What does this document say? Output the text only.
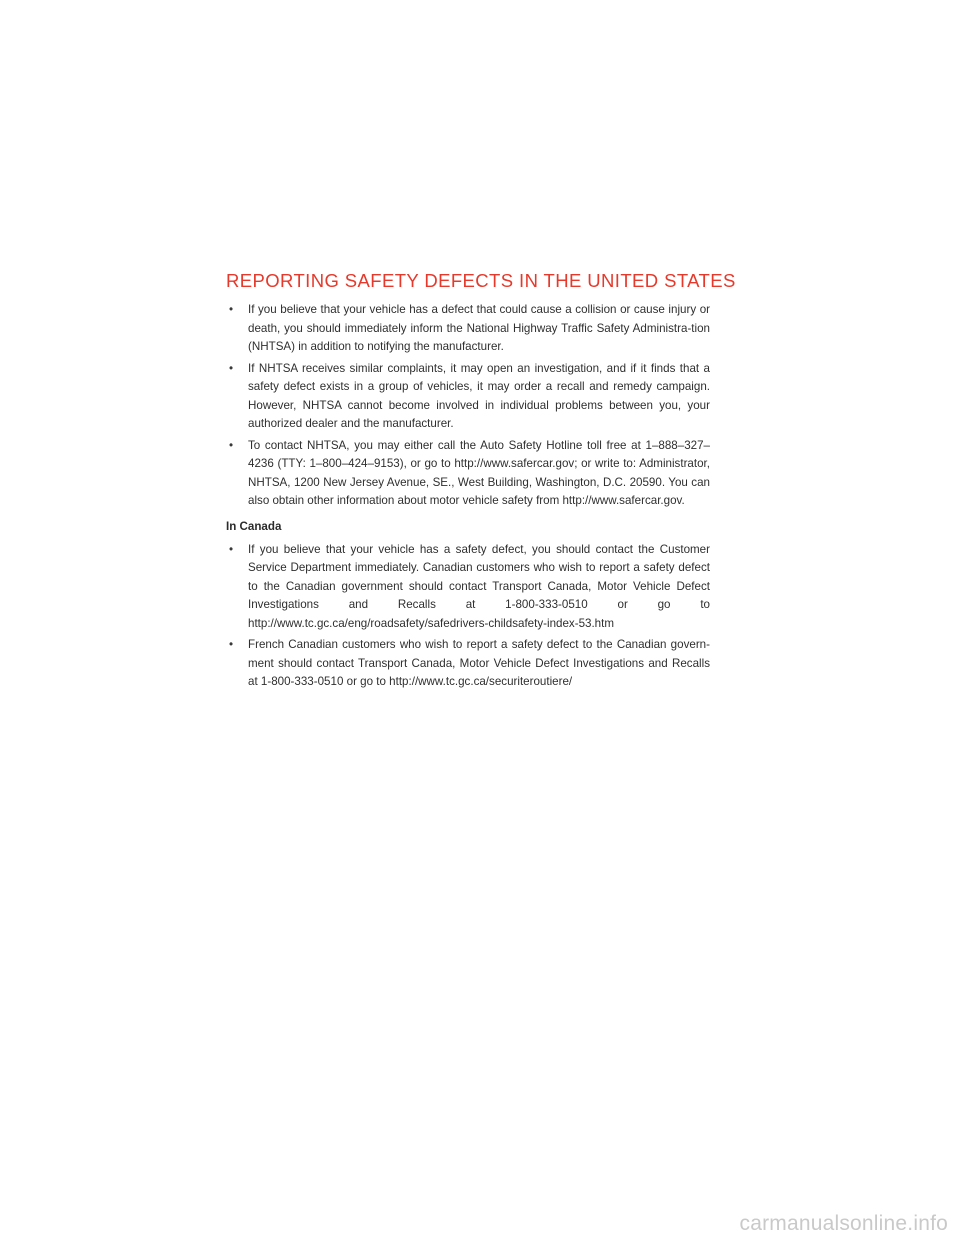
REPORTING SAFETY DEFECTS IN THE UNITED STATES
• If you believe that your vehicle has a defect that could cause a collision or cause injury or death, you should immediately inform the National Highway Traffic Safety Administra-tion (NHTSA) in addition to notifying the manufacturer.
• If NHTSA receives similar complaints, it may open an investigation, and if it finds that a safety defect exists in a group of vehicles, it may order a recall and remedy campaign. However, NHTSA cannot become involved in individual problems between you, your authorized dealer and the manufacturer.
• To contact NHTSA, you may either call the Auto Safety Hotline toll free at 1–888–327–4236 (TTY: 1–800–424–9153), or go to http://www.safercar.gov; or write to: Administrator, NHTSA, 1200 New Jersey Avenue, SE., West Building, Washington, D.C. 20590. You can also obtain other information about motor vehicle safety from http://www.safercar.gov.
In Canada
• If you believe that your vehicle has a safety defect, you should contact the Customer Service Department immediately. Canadian customers who wish to report a safety defect to the Canadian government should contact Transport Canada, Motor Vehicle Defect Investigations and Recalls at 1-800-333-0510 or go to http://www.tc.gc.ca/eng/roadsafety/safedrivers-childsafety-index-53.htm
• French Canadian customers who wish to report a safety defect to the Canadian govern-ment should contact Transport Canada, Motor Vehicle Defect Investigations and Recalls at 1-800-333-0510 or go to http://www.tc.gc.ca/securiteroutiere/
carmanualsonline.info
